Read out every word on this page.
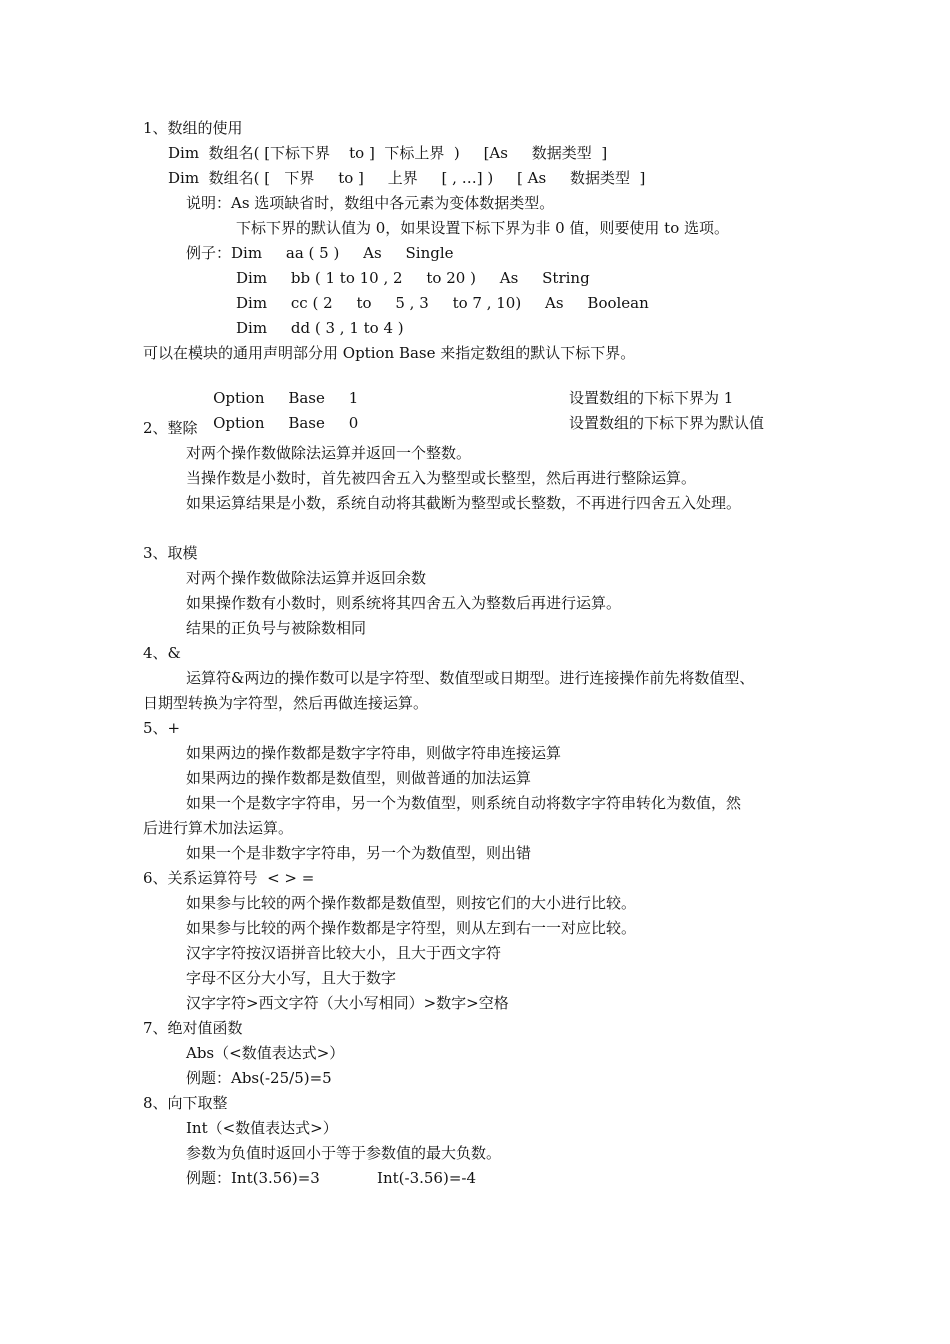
1、数组的使用

Dim  数组名( [下标下界    to ]  下标上界  )     [As     数据类型  ]

Dim  数组名( [   下界     to ]     上界     [ , …] )     [ As     数据类型  ]

说明：As 选项缺省时，数组中各元素为变体数据类型。

下标下界的默认值为 0，如果设置下标下界为非 0 值，则要使用 to 选项。

例子：Dim     aa ( 5 )     As     Single

Dim     bb ( 1 to 10 , 2     to 20 )     As     String

Dim     cc ( 2     to     5 , 3     to 7 , 10)     As     Boolean

Dim     dd ( 3 , 1 to 4 )

可以在模块的通用声明部分用 Option Base 来指定数组的默认下标下界。

Option     Base     1	设置数组的下标下界为 1

Option     Base     0	设置数组的下标下界为默认值

2、整除

对两个操作数做除法运算并返回一个整数。

当操作数是小数时，首先被四舍五入为整型或长整型，然后再进行整除运算。

如果运算结果是小数，系统自动将其截断为整型或长整数，不再进行四舍五入处理。

3、取模

对两个操作数做除法运算并返回余数

如果操作数有小数时，则系统将其四舍五入为整数后再进行运算。

结果的正负号与被除数相同

4、&

运算符&两边的操作数可以是字符型、数值型或日期型。进行连接操作前先将数值型、

日期型转换为字符型，然后再做连接运算。

5、+

如果两边的操作数都是数字字符串，则做字符串连接运算

如果两边的操作数都是数值型，则做普通的加法运算

如果一个是数字字符串，另一个为数值型，则系统自动将数字字符串转化为数值，然

后进行算术加法运算。

如果一个是非数字字符串，另一个为数值型，则出错

6、关系运算符号  < > =

如果参与比较的两个操作数都是数值型，则按它们的大小进行比较。

如果参与比较的两个操作数都是字符型，则从左到右一一对应比较。

汉字字符按汉语拼音比较大小，且大于西文字符

字母不区分大小写，且大于数字

汉字字符>西文字符（大小写相同）>数字>空格

7、绝对值函数

Abs（<数值表达式>）

例题：Abs(-25/5)=5

8、向下取整

Int（<数值表达式>）

参数为负值时返回小于等于参数值的最大负数。

例题：Int(3.56)=3            Int(-3.56)=-4
